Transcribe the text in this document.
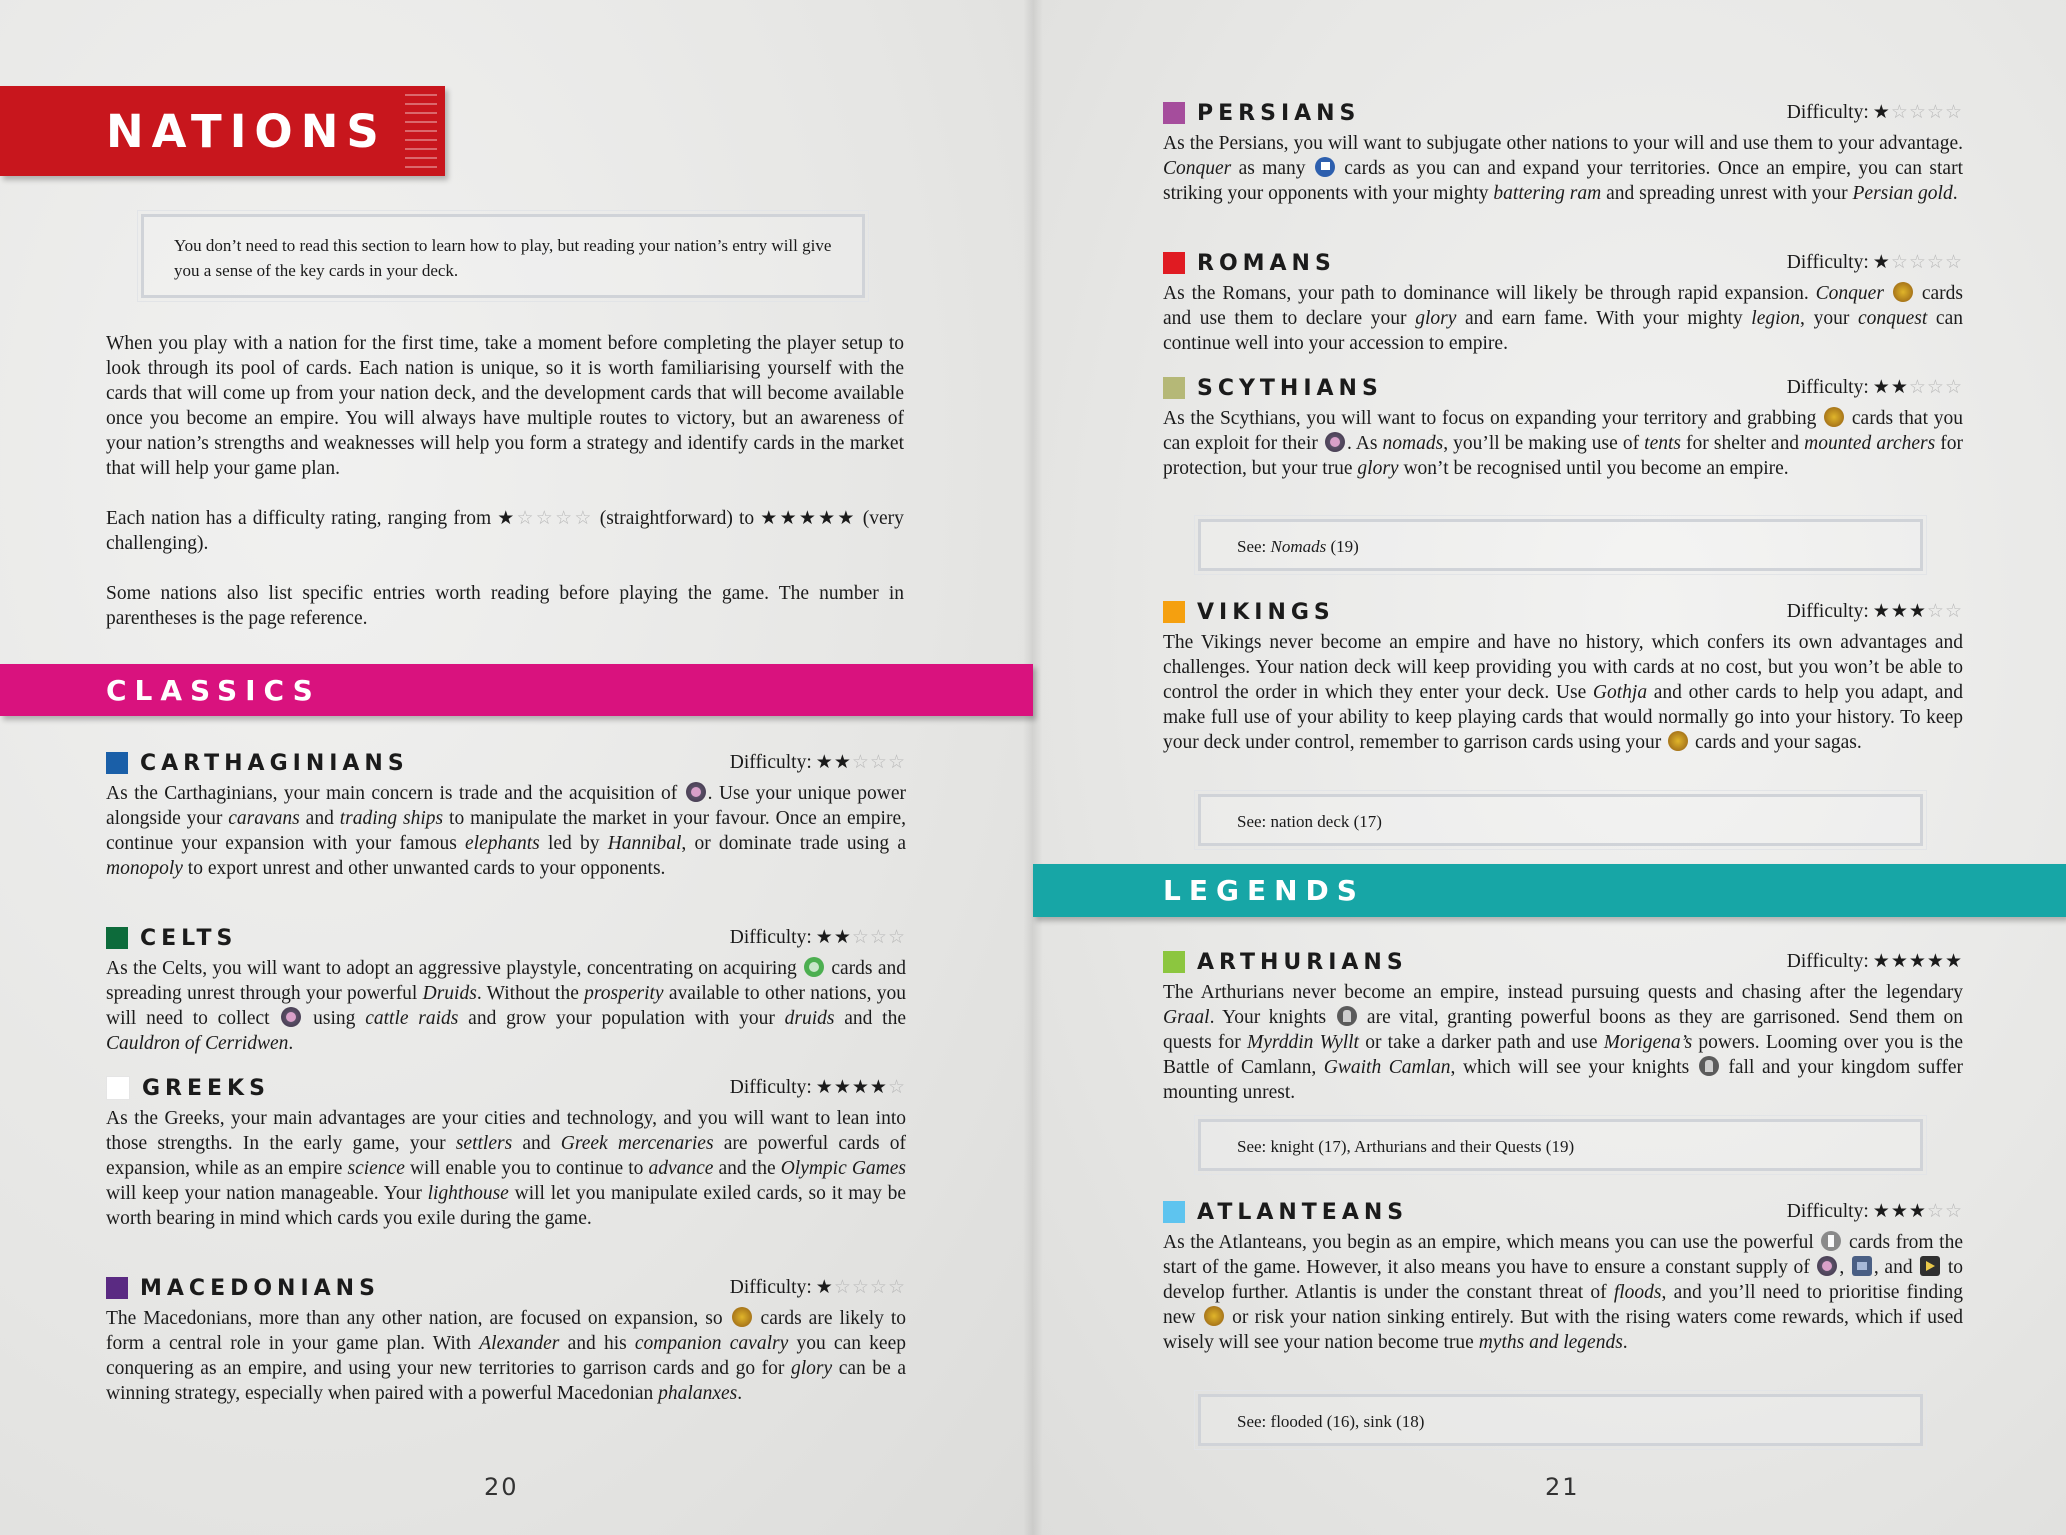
NATIONS
You don’t need to read this section to learn how to play, but reading your nation’s entry will give you a sense of the key cards in your deck.
When you play with a nation for the first time, take a moment before completing the player setup to look through its pool of cards. Each nation is unique, so it is worth familiarising yourself with the cards that will come up from your nation deck, and the development cards that will become available once you become an empire. You will always have multiple routes to victory, but an awareness of your nation’s strengths and weaknesses will help you form a strategy and identify cards in the market that will help your game plan.
Each nation has a difficulty rating, ranging from ★☆☆☆☆ (straightforward) to ★★★★★ (very challenging).
Some nations also list specific entries worth reading before playing the game. The number in parentheses is the page reference.
CLASSICS
CARTHAGINIANS	Difficulty: ★★☆☆☆
As the Carthaginians, your main concern is trade and the acquisition of . Use your unique power alongside your caravans and trading ships to manipulate the market in your favour. Once an empire, continue your expansion with your famous elephants led by Hannibal, or dominate trade using a monopoly to export unrest and other unwanted cards to your opponents.
CELTS	Difficulty: ★★☆☆☆
As the Celts, you will want to adopt an aggressive playstyle, concentrating on acquiring  cards and spreading unrest through your powerful Druids. Without the prosperity available to other nations, you will need to collect  using cattle raids and grow your population with your druids and the Cauldron of Cerridwen.
GREEKS	Difficulty: ★★★★☆
As the Greeks, your main advantages are your cities and technology, and you will want to lean into those strengths. In the early game, your settlers and Greek mercenaries are powerful cards of expansion, while as an empire science will enable you to continue to advance and the Olympic Games will keep your nation manageable. Your lighthouse will let you manipulate exiled cards, so it may be worth bearing in mind which cards you exile during the game.
MACEDONIANS	Difficulty: ★☆☆☆☆
The Macedonians, more than any other nation, are focused on expansion, so  cards are likely to form a central role in your game plan. With Alexander and his companion cavalry you can keep conquering as an empire, and using your new territories to garrison cards and go for glory can be a winning strategy, especially when paired with a powerful Macedonian phalanxes.
20
PERSIANS	Difficulty: ★☆☆☆☆
As the Persians, you will want to subjugate other nations to your will and use them to your advantage. Conquer as many  cards as you can and expand your territories. Once an empire, you can start striking your opponents with your mighty battering ram and spreading unrest with your Persian gold.
ROMANS	Difficulty: ★☆☆☆☆
As the Romans, your path to dominance will likely be through rapid expansion. Conquer  cards and use them to declare your glory and earn fame. With your mighty legion, your conquest can continue well into your accession to empire.
SCYTHIANS	Difficulty: ★★☆☆☆
As the Scythians, you will want to focus on expanding your territory and grabbing  cards that you can exploit for their . As nomads, you’ll be making use of tents for shelter and mounted archers for protection, but your true glory won’t be recognised until you become an empire.
See: Nomads (19)
VIKINGS	Difficulty: ★★★☆☆
The Vikings never become an empire and have no history, which confers its own advantages and challenges. Your nation deck will keep providing you with cards at no cost, but you won’t be able to control the order in which they enter your deck. Use Gothja and other cards to help you adapt, and make full use of your ability to keep playing cards that would normally go into your history. To keep your deck under control, remember to garrison cards using your  cards and your sagas.
See: nation deck (17)
LEGENDS
ARTHURIANS	Difficulty: ★★★★★
The Arthurians never become an empire, instead pursuing quests and chasing after the legendary Graal. Your knights  are vital, granting powerful boons as they are garrisoned. Send them on quests for Myrddin Wyllt or take a darker path and use Morigena’s powers. Looming over you is the Battle of Camlann, Gwaith Camlan, which will see your knights  fall and your kingdom suffer mounting unrest.
See: knight (17), Arthurians and their Quests (19)
ATLANTEANS	Difficulty: ★★★☆☆
As the Atlanteans, you begin as an empire, which means you can use the powerful  cards from the start of the game. However, it also means you have to ensure a constant supply of , , and  to develop further. Atlantis is under the constant threat of floods, and you’ll need to prioritise finding new  or risk your nation sinking entirely. But with the rising waters come rewards, which if used wisely will see your nation become true myths and legends.
See: flooded (16), sink (18)
21
